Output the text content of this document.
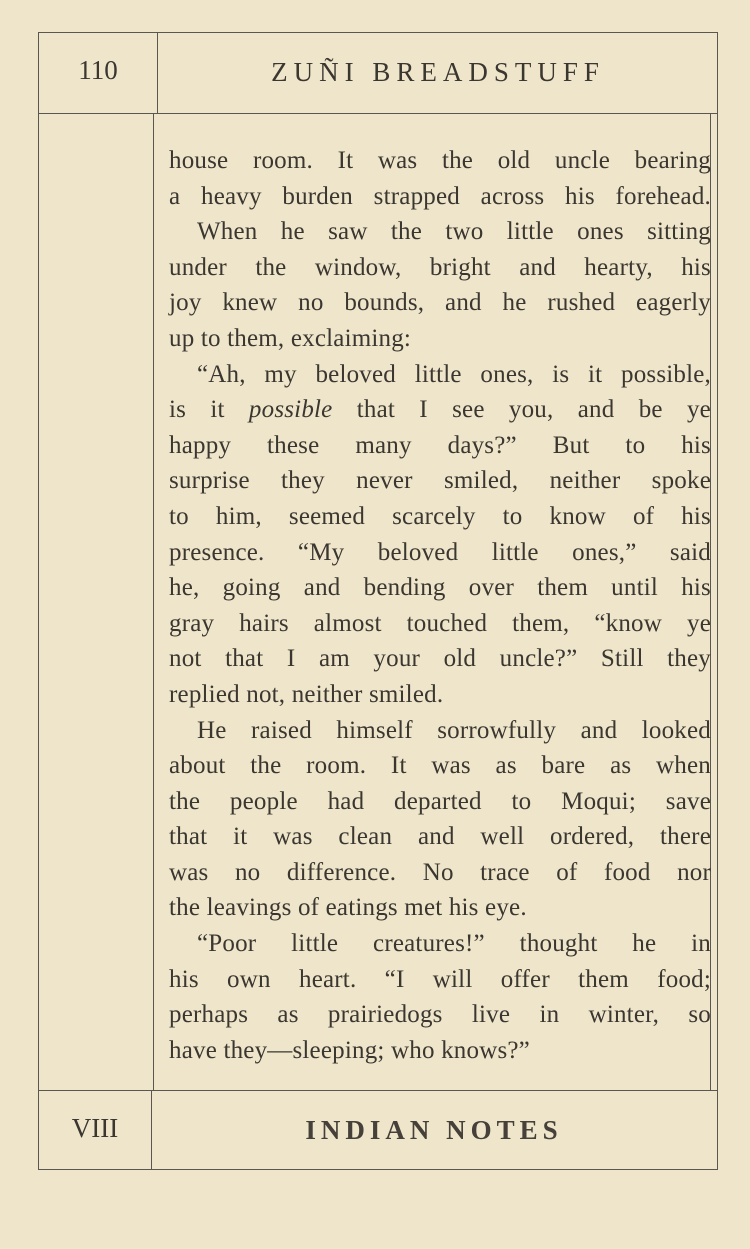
110	ZUÑI BREADSTUFF
house room. It was the old uncle bearing
a heavy burden strapped across his forehead.
When he saw the two little ones sitting
under the window, bright and hearty, his
joy knew no bounds, and he rushed eagerly
up to them, exclaiming:
“Ah, my beloved little ones, is it possible,
is it possible that I see you, and be ye
happy these many days?” But to his
surprise they never smiled, neither spoke
to him, seemed scarcely to know of his
presence. “My beloved little ones,” said
he, going and bending over them until his
gray hairs almost touched them, “know ye
not that I am your old uncle?” Still they
replied not, neither smiled.
He raised himself sorrowfully and looked
about the room. It was as bare as when
the people had departed to Moqui; save
that it was clean and well ordered, there
was no difference. No trace of food nor
the leavings of eatings met his eye.
“Poor little creatures!” thought he in
his own heart. “I will offer them food;
perhaps as prairiedogs live in winter, so
have they—sleeping; who knows?”
VIII	INDIAN NOTES
